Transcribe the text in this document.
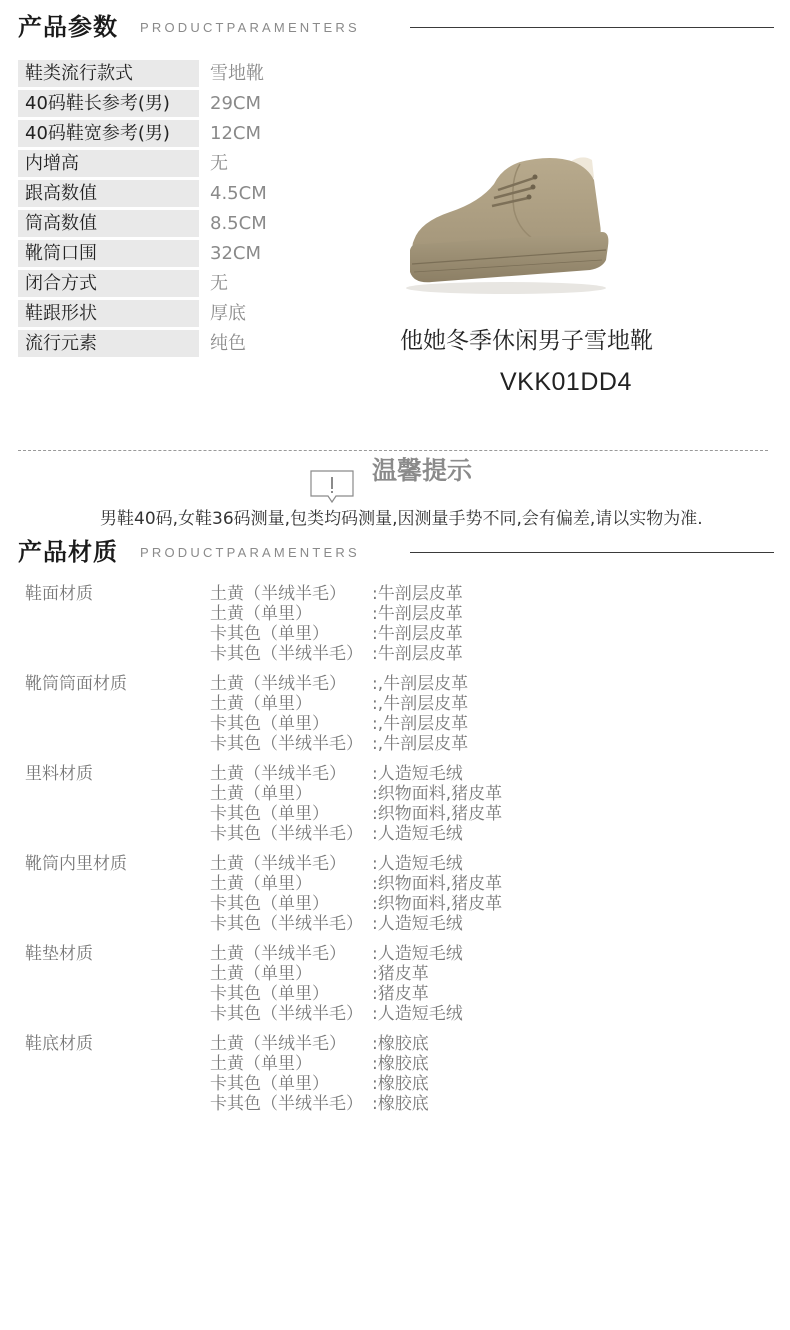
产品参数 PRODUCTPARAMENTERS
鞋类流行款式	雪地靴
40码鞋长参考(男)	29CM
40码鞋宽参考(男)	12CM
内增高	无
跟高数值	4.5CM
筒高数值	8.5CM
靴筒口围	32CM
闭合方式	无
鞋跟形状	厚底
流行元素	纯色	他她冬季休闲男子雪地靴
VKK01DD4
温馨提示
男鞋40码,女鞋36码测量,包类均码测量,因测量手势不同,会有偏差,请以实物为准.
产品材质 PRODUCTPARAMENTERS
鞋面材质	土黄（半绒半毛） :牛剖层皮革
土黄（单里）	:牛剖层皮革
卡其色（单里）	:牛剖层皮革
卡其色（半绒半毛） :牛剖层皮革
靴筒筒面材质	土黄（半绒半毛） :,牛剖层皮革
土黄（单里）	:,牛剖层皮革
卡其色（单里）	:,牛剖层皮革
卡其色（半绒半毛） :,牛剖层皮革
里料材质	土黄（半绒半毛） :人造短毛绒
土黄（单里）	:织物面料,猪皮革
卡其色（单里）	:织物面料,猪皮革
卡其色（半绒半毛） :人造短毛绒
靴筒内里材质	土黄（半绒半毛） :人造短毛绒
土黄（单里）	:织物面料,猪皮革
卡其色（单里）	:织物面料,猪皮革
卡其色（半绒半毛） :人造短毛绒
鞋垫材质	土黄（半绒半毛） :人造短毛绒
土黄（单里）	:猪皮革
卡其色（单里）	:猪皮革
卡其色（半绒半毛） :人造短毛绒
鞋底材质	土黄（半绒半毛） :橡胶底
土黄（单里）	:橡胶底
卡其色（单里）	:橡胶底
卡其色（半绒半毛） :橡胶底
